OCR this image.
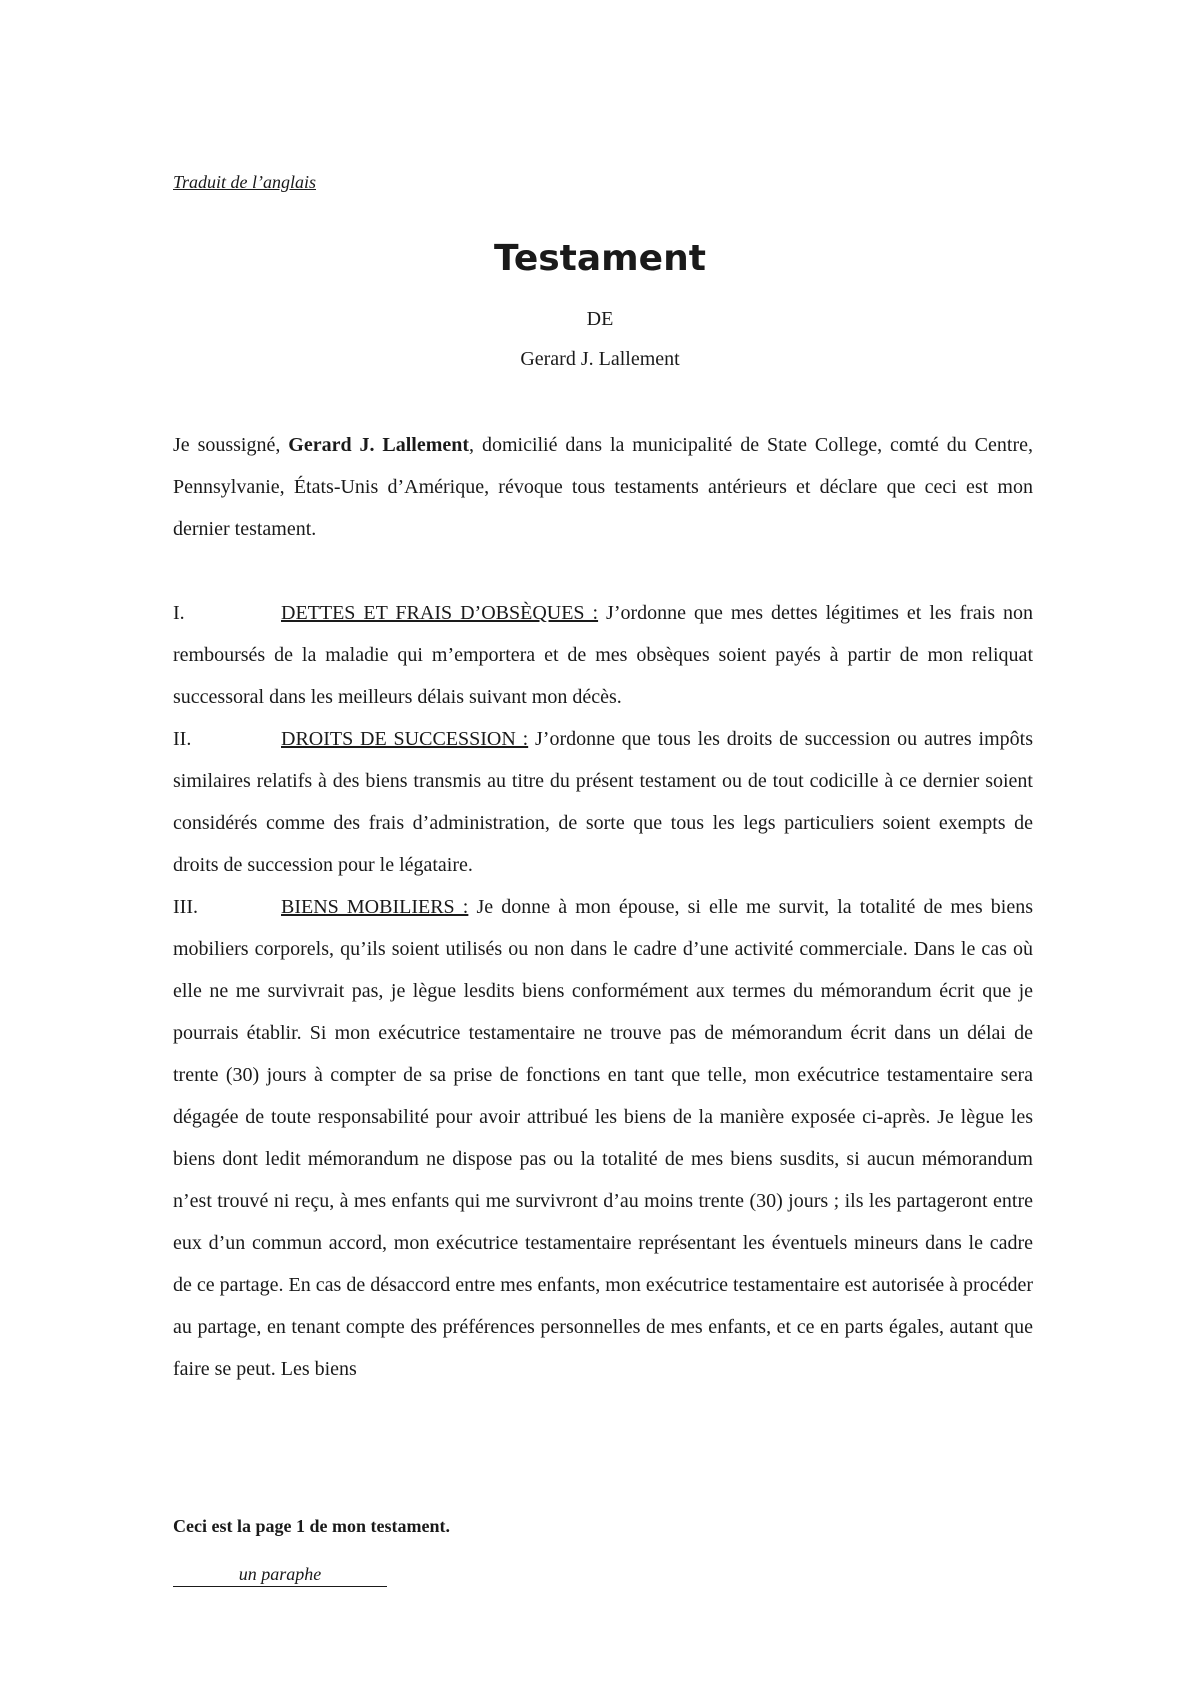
Traduit de l’anglais
Testament
DE
Gerard J. Lallement

Je soussigné, Gerard J. Lallement, domicilié dans la municipalité de State College, comté du Centre, Pennsylvanie, États-Unis d’Amérique, révoque tous testaments antérieurs et déclare que ceci est mon dernier testament.

I.	DETTES ET FRAIS D’OBSÈQUES : J’ordonne que mes dettes légitimes et les frais non remboursés de la maladie qui m’emportera et de mes obsèques soient payés à partir de mon reliquat successoral dans les meilleurs délais suivant mon décès.

II.	DROITS DE SUCCESSION : J’ordonne que tous les droits de succession ou autres impôts similaires relatifs à des biens transmis au titre du présent testament ou de tout codicille à ce dernier soient considérés comme des frais d’administration, de sorte que tous les legs particuliers soient exempts de droits de succession pour le légataire.

III.	BIENS MOBILIERS : Je donne à mon épouse, si elle me survit, la totalité de mes biens mobiliers corporels, qu’ils soient utilisés ou non dans le cadre d’une activité commerciale. Dans le cas où elle ne me survivrait pas, je lègue lesdits biens conformément aux termes du mémorandum écrit que je pourrais établir. Si mon exécutrice testamentaire ne trouve pas de mémorandum écrit dans un délai de trente (30) jours à compter de sa prise de fonctions en tant que telle, mon exécutrice testamentaire sera dégagée de toute responsabilité pour avoir attribué les biens de la manière exposée ci-après. Je lègue les biens dont ledit mémorandum ne dispose pas ou la totalité de mes biens susdits, si aucun mémorandum n’est trouvé ni reçu, à mes enfants qui me survivront d’au moins trente (30) jours ; ils les partageront entre eux d’un commun accord, mon exécutrice testamentaire représentant les éventuels mineurs dans le cadre de ce partage. En cas de désaccord entre mes enfants, mon exécutrice testamentaire est autorisée à procéder au partage, en tenant compte des préférences personnelles de mes enfants, et ce en parts égales, autant que faire se peut. Les biens

Ceci est la page 1 de mon testament.
un paraphe
